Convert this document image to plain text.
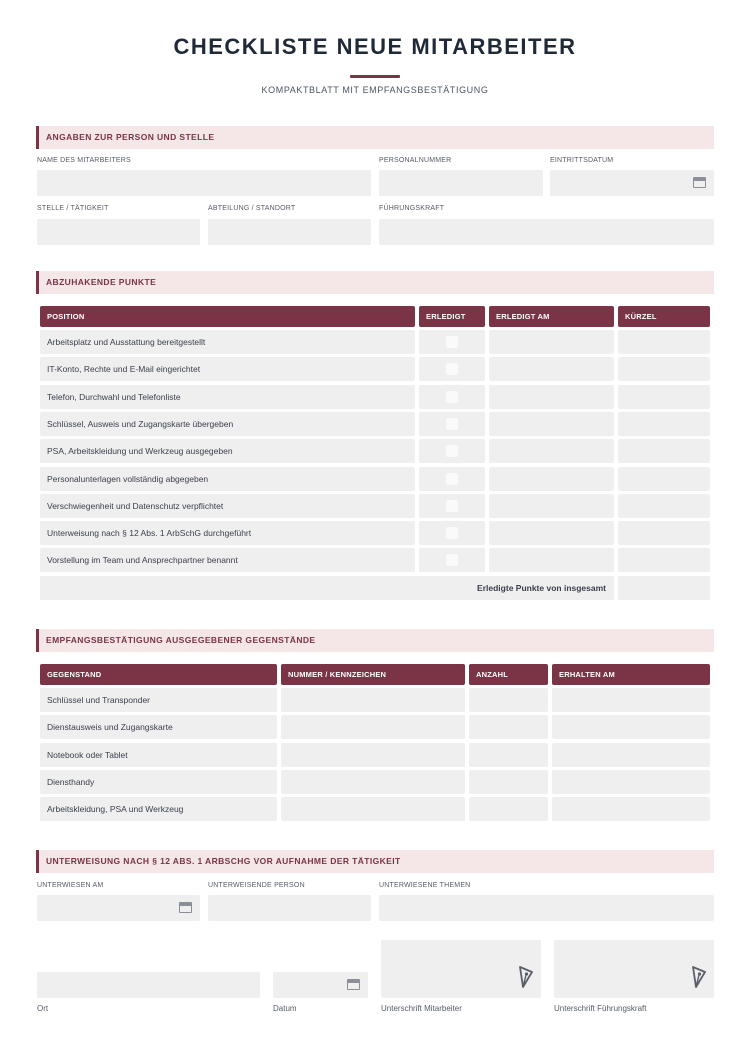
CHECKLISTE NEUE MITARBEITER
KOMPAKTBLATT MIT EMPFANGSBESTÄTIGUNG
ANGABEN ZUR PERSON UND STELLE
NAME DES MITARBEITERS	PERSONALNUMMER	EINTRITTSDATUM
STELLE / TÄTIGKEIT	ABTEILUNG / STANDORT	FÜHRUNGSKRAFT
ABZUHAKENDE PUNKTE
POSITION	ERLEDIGT	ERLEDIGT AM	KÜRZEL
Arbeitsplatz und Ausstattung bereitgestellt
IT-Konto, Rechte und E-Mail eingerichtet
Telefon, Durchwahl und Telefonliste
Schlüssel, Ausweis und Zugangskarte übergeben
PSA, Arbeitskleidung und Werkzeug ausgegeben
Personalunterlagen vollständig abgegeben
Verschwiegenheit und Datenschutz verpflichtet
Unterweisung nach § 12 Abs. 1 ArbSchG durchgeführt
Vorstellung im Team und Ansprechpartner benannt
Erledigte Punkte von insgesamt
EMPFANGSBESTÄTIGUNG AUSGEGEBENER GEGENSTÄNDE
GEGENSTAND	NUMMER / KENNZEICHEN	ANZAHL	ERHALTEN AM
Schlüssel und Transponder
Dienstausweis und Zugangskarte
Notebook oder Tablet
Diensthandy
Arbeitskleidung, PSA und Werkzeug
UNTERWEISUNG NACH § 12 ABS. 1 ARBSCHG VOR AUFNAHME DER TÄTIGKEIT
UNTERWIESEN AM	UNTERWEISENDE PERSON	UNTERWIESENE THEMEN
Ort	Datum	Unterschrift Mitarbeiter	Unterschrift Führungskraft
